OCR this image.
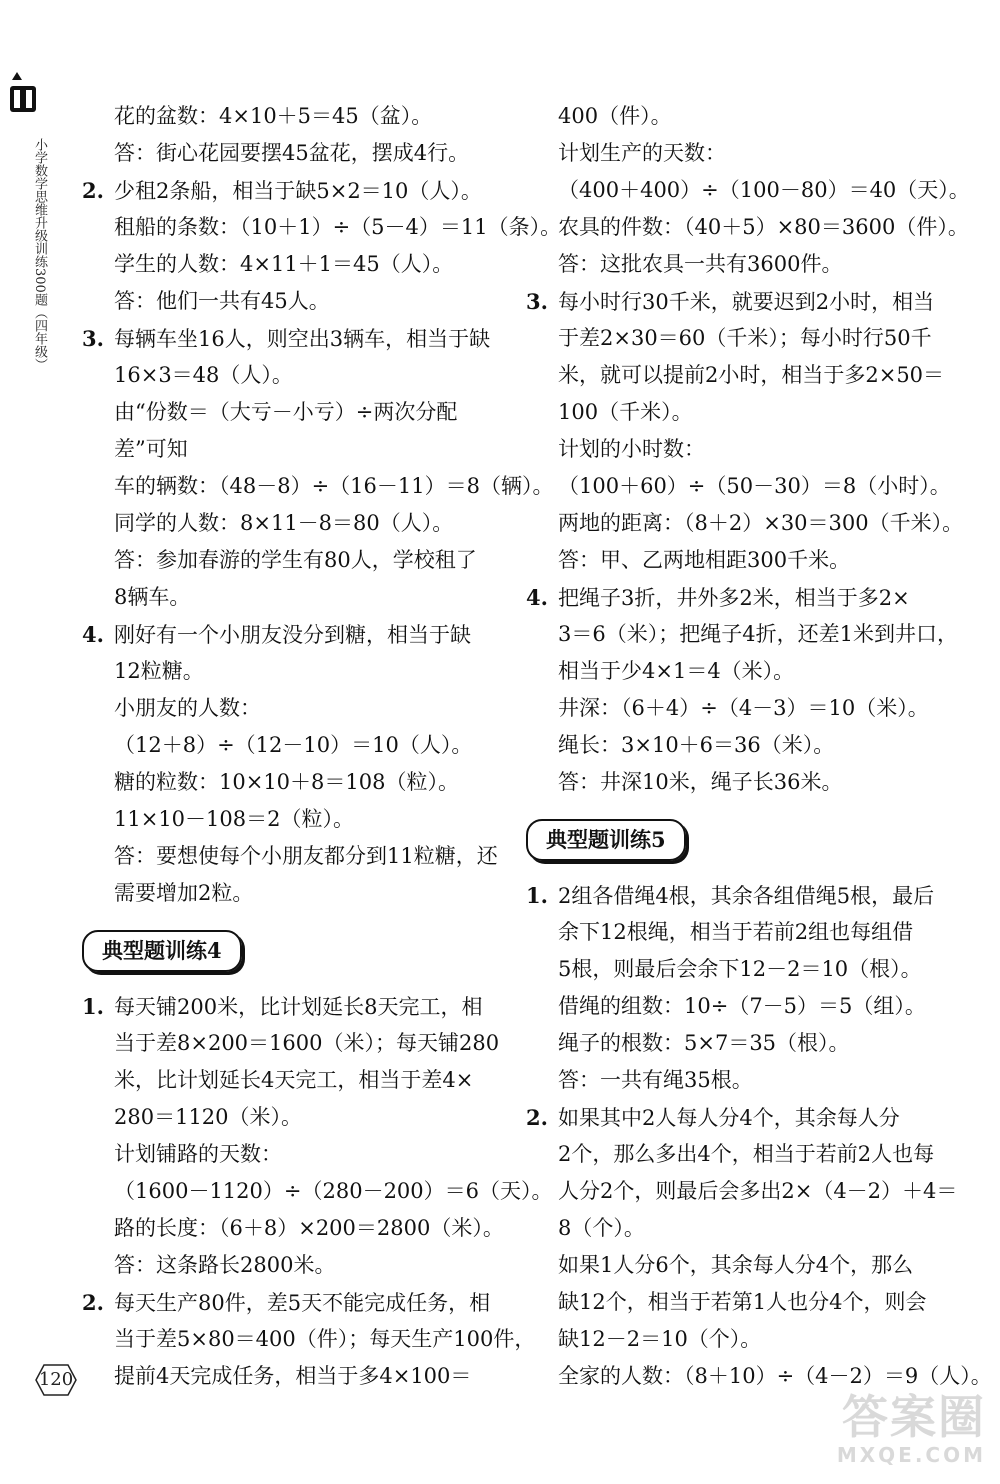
小学数学思维升级训练300题（四年级）
花的盆数：4×10＋5＝45（盆）。
答：街心花园要摆45盆花，摆成4行。
2. 少租2条船，相当于缺5×2＝10（人）。
租船的条数：（10＋1）÷（5－4）＝11（条）。
学生的人数：4×11＋1＝45（人）。
答：他们一共有45人。
3. 每辆车坐16人，则空出3辆车，相当于缺
16×3＝48（人）。
由“份数＝（大亏－小亏）÷两次分配
差”可知
车的辆数：（48－8）÷（16－11）＝8（辆）。
同学的人数：8×11－8＝80（人）。
答：参加春游的学生有80人，学校租了
8辆车。
4. 刚好有一个小朋友没分到糖，相当于缺
12粒糖。
小朋友的人数：
（12＋8）÷（12－10）＝10（人）。
糖的粒数：10×10＋8＝108（粒）。
11×10－108＝2（粒）。
答：要想使每个小朋友都分到11粒糖，还
需要增加2粒。
典型题训练4
1. 每天铺200米，比计划延长8天完工，相
当于差8×200＝1600（米）；每天铺280
米，比计划延长4天完工，相当于差4×
280＝1120（米）。
计划铺路的天数：
（1600－1120）÷（280－200）＝6（天）。
路的长度：（6＋8）×200＝2800（米）。
答：这条路长2800米。
2. 每天生产80件，差5天不能完成任务，相
当于差5×80＝400（件）；每天生产100件，
提前4天完成任务，相当于多4×100＝
400（件）。
计划生产的天数：
（400＋400）÷（100－80）＝40（天）。
农具的件数：（40＋5）×80＝3600（件）。
答：这批农具一共有3600件。
3. 每小时行30千米，就要迟到2小时，相当
于差2×30＝60（千米）；每小时行50千
米，就可以提前2小时，相当于多2×50＝
100（千米）。
计划的小时数：
（100＋60）÷（50－30）＝8（小时）。
两地的距离：（8＋2）×30＝300（千米）。
答：甲、乙两地相距300千米。
4. 把绳子3折，井外多2米，相当于多2×
3＝6（米）；把绳子4折，还差1米到井口，
相当于少4×1＝4（米）。
井深：（6＋4）÷（4－3）＝10（米）。
绳长：3×10＋6＝36（米）。
答：井深10米，绳子长36米。
典型题训练5
1. 2组各借绳4根，其余各组借绳5根，最后
余下12根绳，相当于若前2组也每组借
5根，则最后会余下12－2＝10（根）。
借绳的组数：10÷（7－5）＝5（组）。
绳子的根数：5×7＝35（根）。
答：一共有绳35根。
2. 如果其中2人每人分4个，其余每人分
2个，那么多出4个，相当于若前2人也每
人分2个，则最后会多出2×（4－2）＋4＝
8（个）。
如果1人分6个，其余每人分4个，那么
缺12个，相当于若第1人也分4个，则会
缺12－2＝10（个）。
全家的人数：（8＋10）÷（4－2）＝9（人）。
120
答案圈
MXQE.COM
